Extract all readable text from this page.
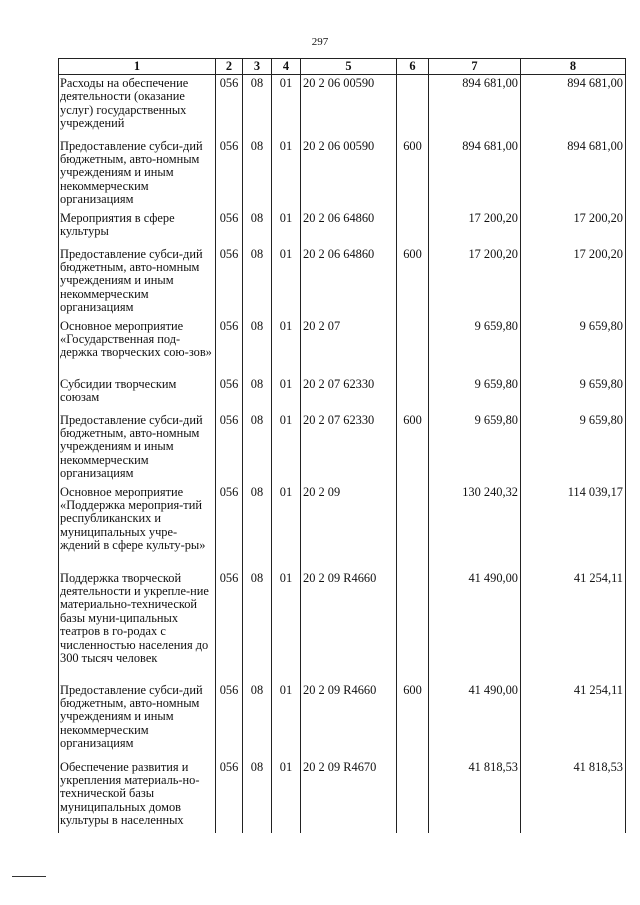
297
1	2	3	4	5	6	7	8
Расходы на обеспечение деятельности (оказание услуг) государственных учреждений	056	08	01	20 2 06 00590		894 681,00	894 681,00
Предоставление субси-дий бюджетным, авто-номным учреждениям и иным некоммерческим организациям	056	08	01	20 2 06 00590	600	894 681,00	894 681,00
Мероприятия в сфере культуры	056	08	01	20 2 06 64860		17 200,20	17 200,20
Предоставление субси-дий бюджетным, авто-номным учреждениям и иным некоммерческим организациям	056	08	01	20 2 06 64860	600	17 200,20	17 200,20
Основное мероприятие «Государственная под-держка творческих сою-зов»	056	08	01	20 2 07		9 659,80	9 659,80
Субсидии творческим союзам	056	08	01	20 2 07 62330		9 659,80	9 659,80
Предоставление субси-дий бюджетным, авто-номным учреждениям и иным некоммерческим организациям	056	08	01	20 2 07 62330	600	9 659,80	9 659,80
Основное мероприятие «Поддержка мероприя-тий республиканских и муниципальных учре-ждений в сфере культу-ры»	056	08	01	20 2 09		130 240,32	114 039,17
Поддержка творческой деятельности и укрепле-ние материально-технической базы муни-ципальных театров в го-родах с численностью населения до 300 тысяч человек	056	08	01	20 2 09 R4660		41 490,00	41 254,11
Предоставление субси-дий бюджетным, авто-номным учреждениям и иным некоммерческим организациям	056	08	01	20 2 09 R4660	600	41 490,00	41 254,11
Обеспечение развития и укрепления материаль-но-технической базы муниципальных домов культуры в населенных	056	08	01	20 2 09 R4670		41 818,53	41 818,53
